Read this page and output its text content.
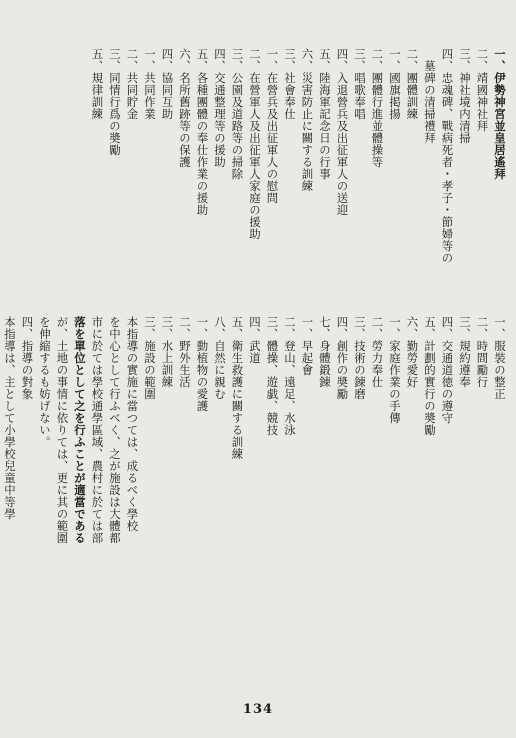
一、伊勢神宮並皇居遙拜
二、靖國神社拜
三、神社境内清掃
四、忠魂碑、戰病死者・孝子・節婦等の
　墓碑の清掃禮拜
二、團體訓練
一、國旗掲揚
二、團體行進並體操等
三、唱歌奉唱
四、入退營兵及出征軍人の送迎
五、陸海軍記念日の行事
六、災害防止に關する訓練
三、社會奉仕
一、在營兵及出征軍人の慰問
二、在營軍人及出征軍人家庭の援助
三、公園及道路等の掃除
四、交通整理等の援助
五、各種團體の奉仕作業の援助
六、名所舊跡等の保護
四、協同互助
一、共同作業
二、共同貯金
三、同情行爲の奬勵
五、規律訓練
一、服裝の整正
二、時間勵行
三、規約遵奉
四、交通道徳の遵守
五、計劃的實行の奬勵
六、勤勞愛好
一、家庭作業の手傳
二、勞力奉仕
三、技術の錬磨
四、創作の奬勵
七、身體鍛錬
一、早起會
二、登山、遠足、水泳
三、體操、遊戯、競技
四、武道
五、衛生救護に關する訓練
八、自然に親む
一、動植物の愛護
二、野外生活
三、水上訓練
三、施設の範圍
本指導の實施に當つては、成るべく學校
を中心として行ふべく、之が施設は大體都
市に於ては學校通學區域、農村に於ては部
落を單位として之を行ふことが適當である
が、土地の事情に依りては、更に其の範圍
を伸縮するも妨げない。
四、指導の對象
本指導は、主として小學校兒童中等學
134
